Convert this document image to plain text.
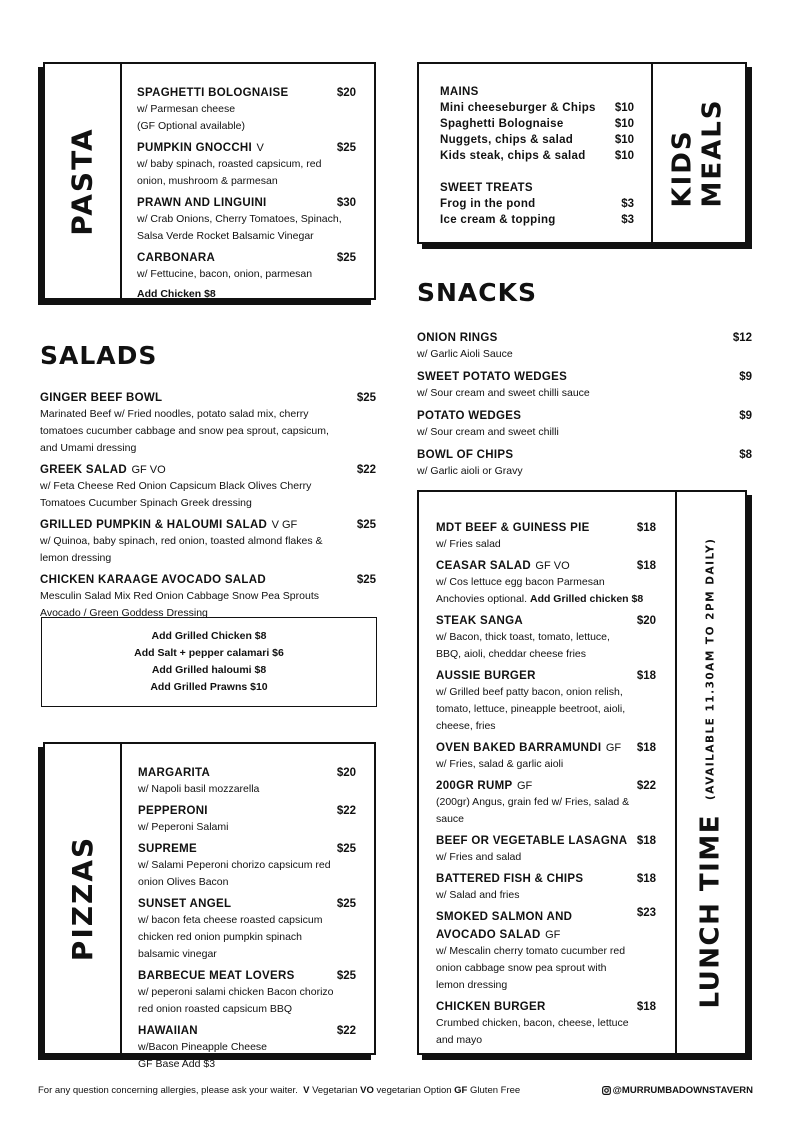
PASTA
SPAGHETTI BOLOGNAISE	$20
w/ Parmesan cheese
(GF Optional available)
PUMPKIN GNOCCHI V	$25
w/ baby spinach, roasted capsicum, red
onion, mushroom & parmesan
PRAWN AND LINGUINI	$30
w/ Crab Onions, Cherry Tomatoes, Spinach,
Salsa Verde Rocket Balsamic Vinegar
CARBONARA	$25
w/ Fettucine, bacon, onion, parmesan
Add Chicken $8
MAINS
Mini cheeseburger & Chips $10
Spaghetti Bolognaise	$10
Nuggets, chips & salad	$10
Kids steak, chips & salad	$10
SWEET TREATS
Frog in the pond	$3
Ice cream & topping	$3
KIDS MEALS
SNACKS
ONION RINGS	$12
w/ Garlic Aioli Sauce
SWEET POTATO WEDGES	$9
w/ Sour cream and sweet chilli sauce
POTATO WEDGES	$9
w/ Sour cream and sweet chilli
BOWL OF CHIPS	$8
w/ Garlic aioli or Gravy
SALADS
GINGER BEEF BOWL	$25
Marinated Beef w/ Fried noodles, potato salad mix, cherry
tomatoes cucumber cabbage and snow pea sprout, capsicum,
and Umami dressing
GREEK SALAD GF VO	$22
w/ Feta Cheese Red Onion Capsicum Black Olives Cherry
Tomatoes Cucumber Spinach Greek dressing
GRILLED PUMPKIN & HALOUMI SALAD V GF	$25
w/ Quinoa, baby spinach, red onion, toasted almond flakes &
lemon dressing
CHICKEN KARAAGE AVOCADO SALAD	$25
Mesculin Salad Mix Red Onion Cabbage Snow Pea Sprouts
Avocado / Green Goddess Dressing
Add Grilled Chicken $8
Add Salt + pepper calamari $6
Add Grilled haloumi $8
Add Grilled Prawns $10
PIZZAS
MARGARITA	$20
w/ Napoli basil mozzarella
PEPPERONI	$22
w/ Peperoni Salami
SUPREME	$25
w/ Salami Peperoni chorizo capsicum red
onion Olives Bacon
SUNSET ANGEL	$25
w/ bacon feta cheese roasted capsicum
chicken red onion pumpkin spinach
balsamic vinegar
BARBECUE MEAT LOVERS	$25
w/ peperoni salami chicken Bacon chorizo
red onion roasted capsicum BBQ
HAWAIIAN	$22
w/Bacon Pineapple Cheese
GF Base Add $3
MDT BEEF & GUINESS PIE	$18
w/ Fries salad
CEASAR SALAD GF VO	$18
w/ Cos lettuce egg bacon Parmesan
Anchovies optional. Add Grilled chicken $8
STEAK SANGA	$20
w/ Bacon, thick toast, tomato, lettuce,
BBQ, aioli, cheddar cheese fries
AUSSIE BURGER	$18
w/ Grilled beef patty bacon, onion relish,
tomato, lettuce, pineapple beetroot, aioli,
cheese, fries
OVEN BAKED BARRAMUNDI GF $18
w/ Fries, salad & garlic aioli
200GR RUMP GF	$22
(200gr) Angus, grain fed w/ Fries, salad &
sauce
BEEF OR VEGETABLE LASAGNA $18
w/ Fries and salad
BATTERED FISH & CHIPS	$18
w/ Salad and fries
SMOKED SALMON AND
AVOCADO SALAD GF
$23
w/ Mescalin cherry tomato cucumber red
onion cabbage snow pea sprout with
lemon dressing
CHICKEN BURGER	$18
Crumbed chicken, bacon, cheese, lettuce
and mayo
LUNCH TIME
(AVAILABLE 11.30AM TO 2PM DAILY)
For any question concerning allergies, please ask your waiter. V Vegetarian VO vegetarian Option GF Gluten Free	@MURRUMBADOWNSTAVERN
